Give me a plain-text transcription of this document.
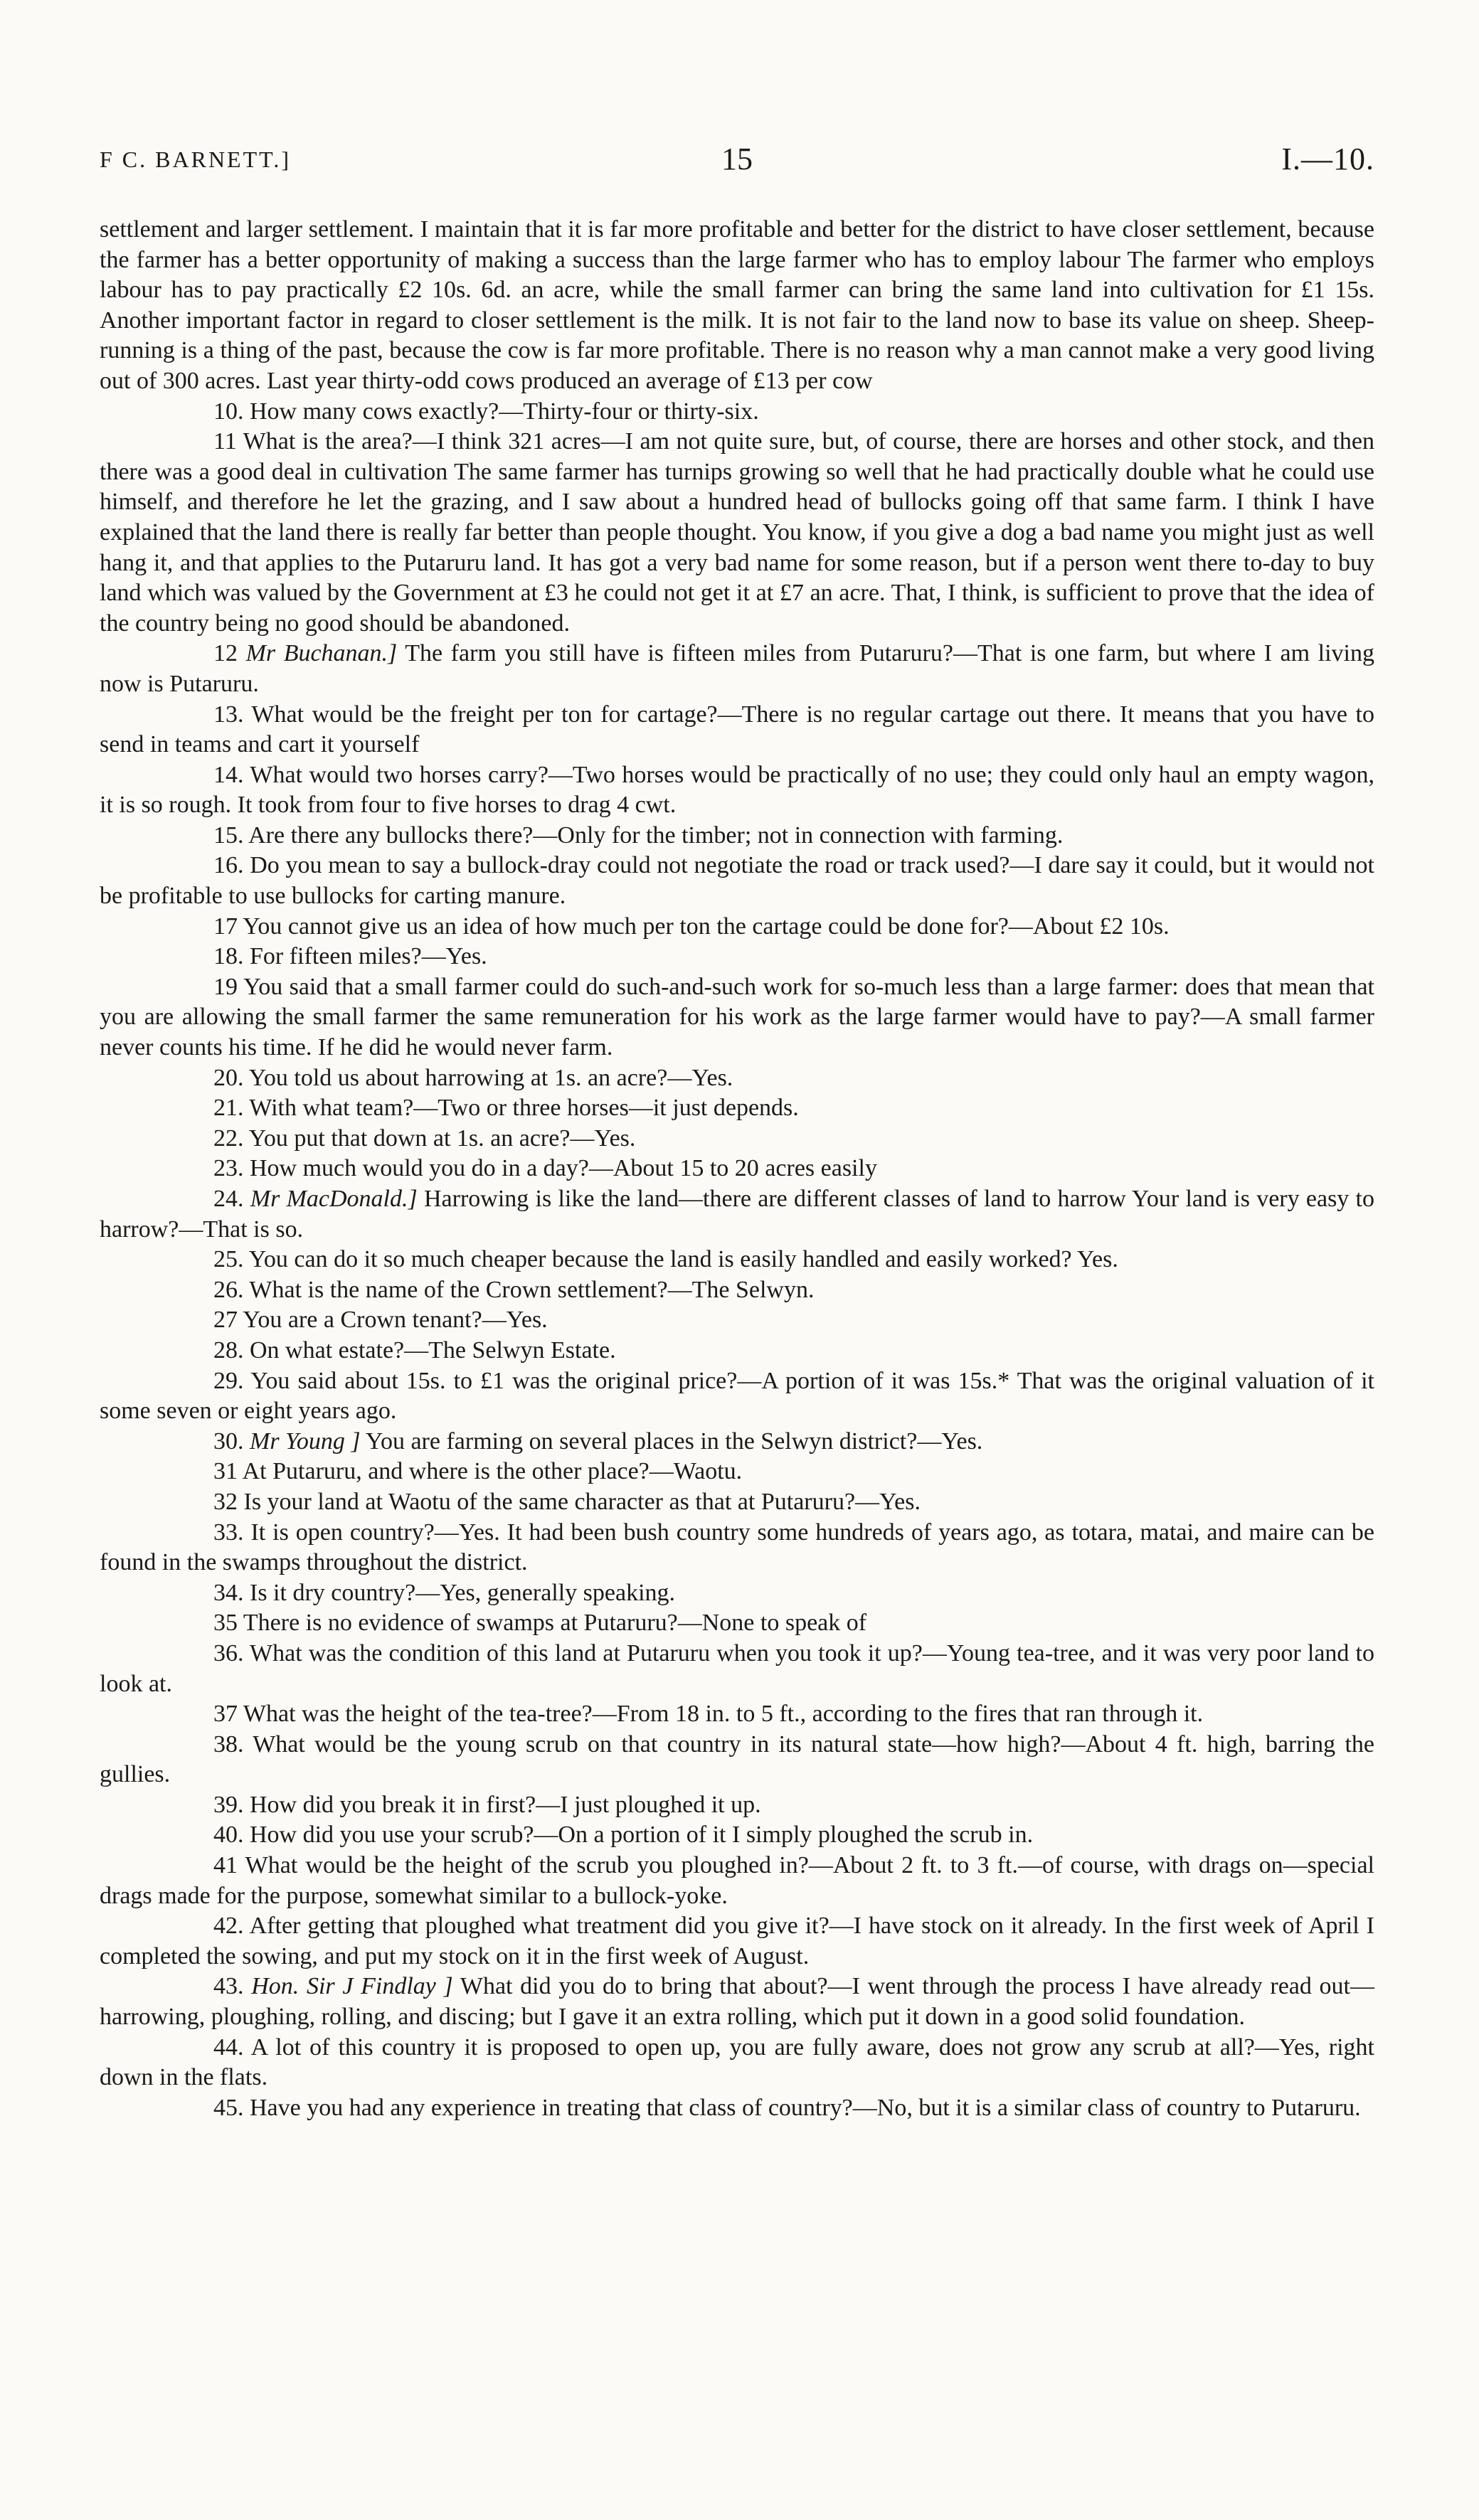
F C. BARNETT.]	15	I.—10.

settlement and larger settlement. I maintain that it is far more profitable and better for the district to have closer settlement, because the farmer has a better opportunity of making a success than the large farmer who has to employ labour The farmer who employs labour has to pay practically £2 10s. 6d. an acre, while the small farmer can bring the same land into cultivation for £1 15s. Another important factor in regard to closer settlement is the milk. It is not fair to the land now to base its value on sheep. Sheep-running is a thing of the past, because the cow is far more profitable. There is no reason why a man cannot make a very good living out of 300 acres. Last year thirty-odd cows produced an average of £13 per cow

10. How many cows exactly?—Thirty-four or thirty-six.

11 What is the area?—I think 321 acres—I am not quite sure, but, of course, there are horses and other stock, and then there was a good deal in cultivation The same farmer has turnips growing so well that he had practically double what he could use himself, and therefore he let the grazing, and I saw about a hundred head of bullocks going off that same farm. I think I have explained that the land there is really far better than people thought. You know, if you give a dog a bad name you might just as well hang it, and that applies to the Putaruru land. It has got a very bad name for some reason, but if a person went there to-day to buy land which was valued by the Government at £3 he could not get it at £7 an acre. That, I think, is sufficient to prove that the idea of the country being no good should be abandoned.

12 Mr Buchanan.] The farm you still have is fifteen miles from Putaruru?—That is one farm, but where I am living now is Putaruru.

13. What would be the freight per ton for cartage?—There is no regular cartage out there. It means that you have to send in teams and cart it yourself

14. What would two horses carry?—Two horses would be practically of no use; they could only haul an empty wagon, it is so rough. It took from four to five horses to drag 4 cwt.

15. Are there any bullocks there?—Only for the timber; not in connection with farming.

16. Do you mean to say a bullock-dray could not negotiate the road or track used?—I dare say it could, but it would not be profitable to use bullocks for carting manure.

17 You cannot give us an idea of how much per ton the cartage could be done for?—About £2 10s.

18. For fifteen miles?—Yes.

19 You said that a small farmer could do such-and-such work for so-much less than a large farmer: does that mean that you are allowing the small farmer the same remuneration for his work as the large farmer would have to pay?—A small farmer never counts his time. If he did he would never farm.

20. You told us about harrowing at 1s. an acre?—Yes.

21. With what team?—Two or three horses—it just depends.

22. You put that down at 1s. an acre?—Yes.

23. How much would you do in a day?—About 15 to 20 acres easily

24. Mr MacDonald.] Harrowing is like the land—there are different classes of land to harrow Your land is very easy to harrow?—That is so.

25. You can do it so much cheaper because the land is easily handled and easily worked? Yes.

26. What is the name of the Crown settlement?—The Selwyn.

27 You are a Crown tenant?—Yes.

28. On what estate?—The Selwyn Estate.

29. You said about 15s. to £1 was the original price?—A portion of it was 15s.* That was the original valuation of it some seven or eight years ago.

30. Mr Young ] You are farming on several places in the Selwyn district?—Yes.

31 At Putaruru, and where is the other place?—Waotu.

32 Is your land at Waotu of the same character as that at Putaruru?—Yes.

33. It is open country?—Yes. It had been bush country some hundreds of years ago, as totara, matai, and maire can be found in the swamps throughout the district.

34. Is it dry country?—Yes, generally speaking.

35 There is no evidence of swamps at Putaruru?—None to speak of

36. What was the condition of this land at Putaruru when you took it up?—Young tea-tree, and it was very poor land to look at.

37 What was the height of the tea-tree?—From 18 in. to 5 ft., according to the fires that ran through it.

38. What would be the young scrub on that country in its natural state—how high?—About 4 ft. high, barring the gullies.

39. How did you break it in first?—I just ploughed it up.

40. How did you use your scrub?—On a portion of it I simply ploughed the scrub in.

41 What would be the height of the scrub you ploughed in?—About 2 ft. to 3 ft.—of course, with drags on—special drags made for the purpose, somewhat similar to a bullock-yoke.

42. After getting that ploughed what treatment did you give it?—I have stock on it already. In the first week of April I completed the sowing, and put my stock on it in the first week of August.

43. Hon. Sir J Findlay ] What did you do to bring that about?—I went through the process I have already read out—harrowing, ploughing, rolling, and discing; but I gave it an extra rolling, which put it down in a good solid foundation.

44. A lot of this country it is proposed to open up, you are fully aware, does not grow any scrub at all?—Yes, right down in the flats.

45. Have you had any experience in treating that class of country?—No, but it is a similar class of country to Putaruru.
